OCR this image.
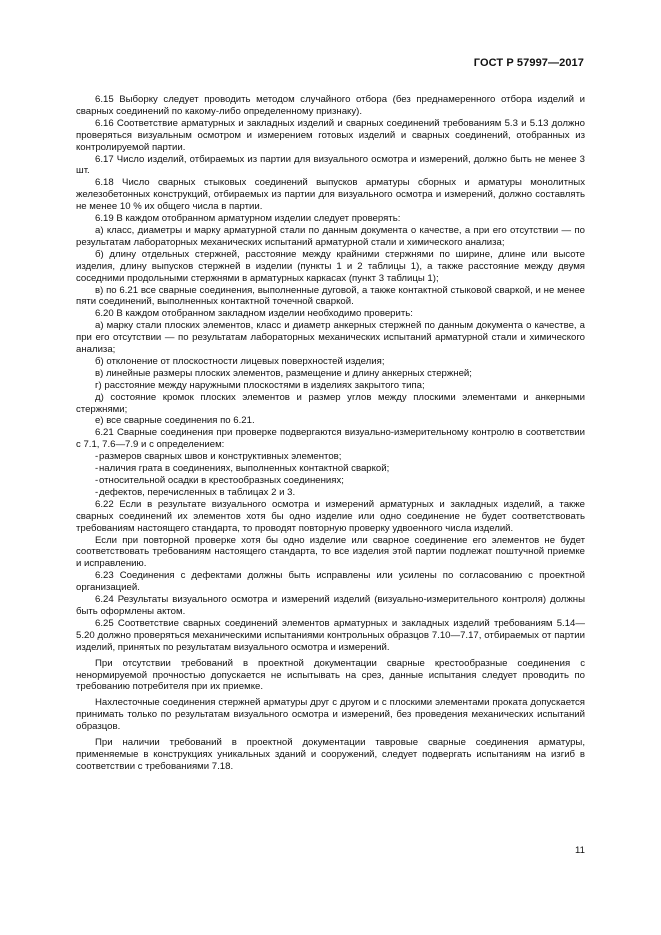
ГОСТ Р 57997—2017

6.15 Выборку следует проводить методом случайного отбора (без преднамеренного отбора изделий и сварных соединений по какому-либо определенному признаку).

6.16 Соответствие арматурных и закладных изделий и сварных соединений требованиям 5.3 и 5.13 должно проверяться визуальным осмотром и измерением готовых изделий и сварных соединений, отобранных из контролируемой партии.

6.17 Число изделий, отбираемых из партии для визуального осмотра и измерений, должно быть не менее 3 шт.

6.18 Число сварных стыковых соединений выпусков арматуры сборных и арматуры монолитных железобетонных конструкций, отбираемых из партии для визуального осмотра и измерений, должно составлять не менее 10 % их общего числа в партии.

6.19 В каждом отобранном арматурном изделии следует проверять:

а) класс, диаметры и марку арматурной стали по данным документа о качестве, а при его отсутствии — по результатам лабораторных механических испытаний арматурной стали и химического анализа;

б) длину отдельных стержней, расстояние между крайними стержнями по ширине, длине или высоте изделия, длину выпусков стержней в изделии (пункты 1 и 2 таблицы 1), а также расстояние между двумя соседними продольными стержнями в арматурных каркасах (пункт 3 таблицы 1);

в) по 6.21 все сварные соединения, выполненные дуговой, а также контактной стыковой сваркой, и не менее пяти соединений, выполненных контактной точечной сваркой.

6.20 В каждом отобранном закладном изделии необходимо проверить:

а) марку стали плоских элементов, класс и диаметр анкерных стержней по данным документа о качестве, а при его отсутствии — по результатам лабораторных механических испытаний арматурной стали и химического анализа;

б) отклонение от плоскостности лицевых поверхностей изделия;

в) линейные размеры плоских элементов, размещение и длину анкерных стержней;

г) расстояние между наружными плоскостями в изделиях закрытого типа;

д) состояние кромок плоских элементов и размер углов между плоскими элементами и анкерными стержнями;

е) все сварные соединения по 6.21.

6.21 Сварные соединения при проверке подвергаются визуально-измерительному контролю в соответствии с 7.1, 7.6—7.9 и с определением:

- размеров сварных швов и конструктивных элементов;

- наличия грата в соединениях, выполненных контактной сваркой;

- относительной осадки в крестообразных соединениях;

- дефектов, перечисленных в таблицах 2 и 3.

6.22 Если в результате визуального осмотра и измерений арматурных и закладных изделий, а также сварных соединений их элементов хотя бы одно изделие или одно соединение не будет соответствовать требованиям настоящего стандарта, то проводят повторную проверку удвоенного числа изделий.

Если при повторной проверке хотя бы одно изделие или сварное соединение его элементов не будет соответствовать требованиям настоящего стандарта, то все изделия этой партии подлежат поштучной приемке и исправлению.

6.23 Соединения с дефектами должны быть исправлены или усилены по согласованию с проектной организацией.

6.24 Результаты визуального осмотра и измерений изделий (визуально-измерительного контроля) должны быть оформлены актом.

6.25 Соответствие сварных соединений элементов арматурных и закладных изделий требованиям 5.14—5.20 должно проверяться механическими испытаниями контрольных образцов 7.10—7.17, отбираемых от партии изделий, принятых по результатам визуального осмотра и измерений.

При отсутствии требований в проектной документации сварные крестообразные соединения с ненормируемой прочностью допускается не испытывать на срез, данные испытания следует проводить по требованию потребителя при их приемке.

Нахлесточные соединения стержней арматуры друг с другом и с плоскими элементами проката допускается принимать только по результатам визуального осмотра и измерений, без проведения механических испытаний образцов.

При наличии требований в проектной документации тавровые сварные соединения арматуры, применяемые в конструкциях уникальных зданий и сооружений, следует подвергать испытаниям на изгиб в соответствии с требованиями 7.18.

11
